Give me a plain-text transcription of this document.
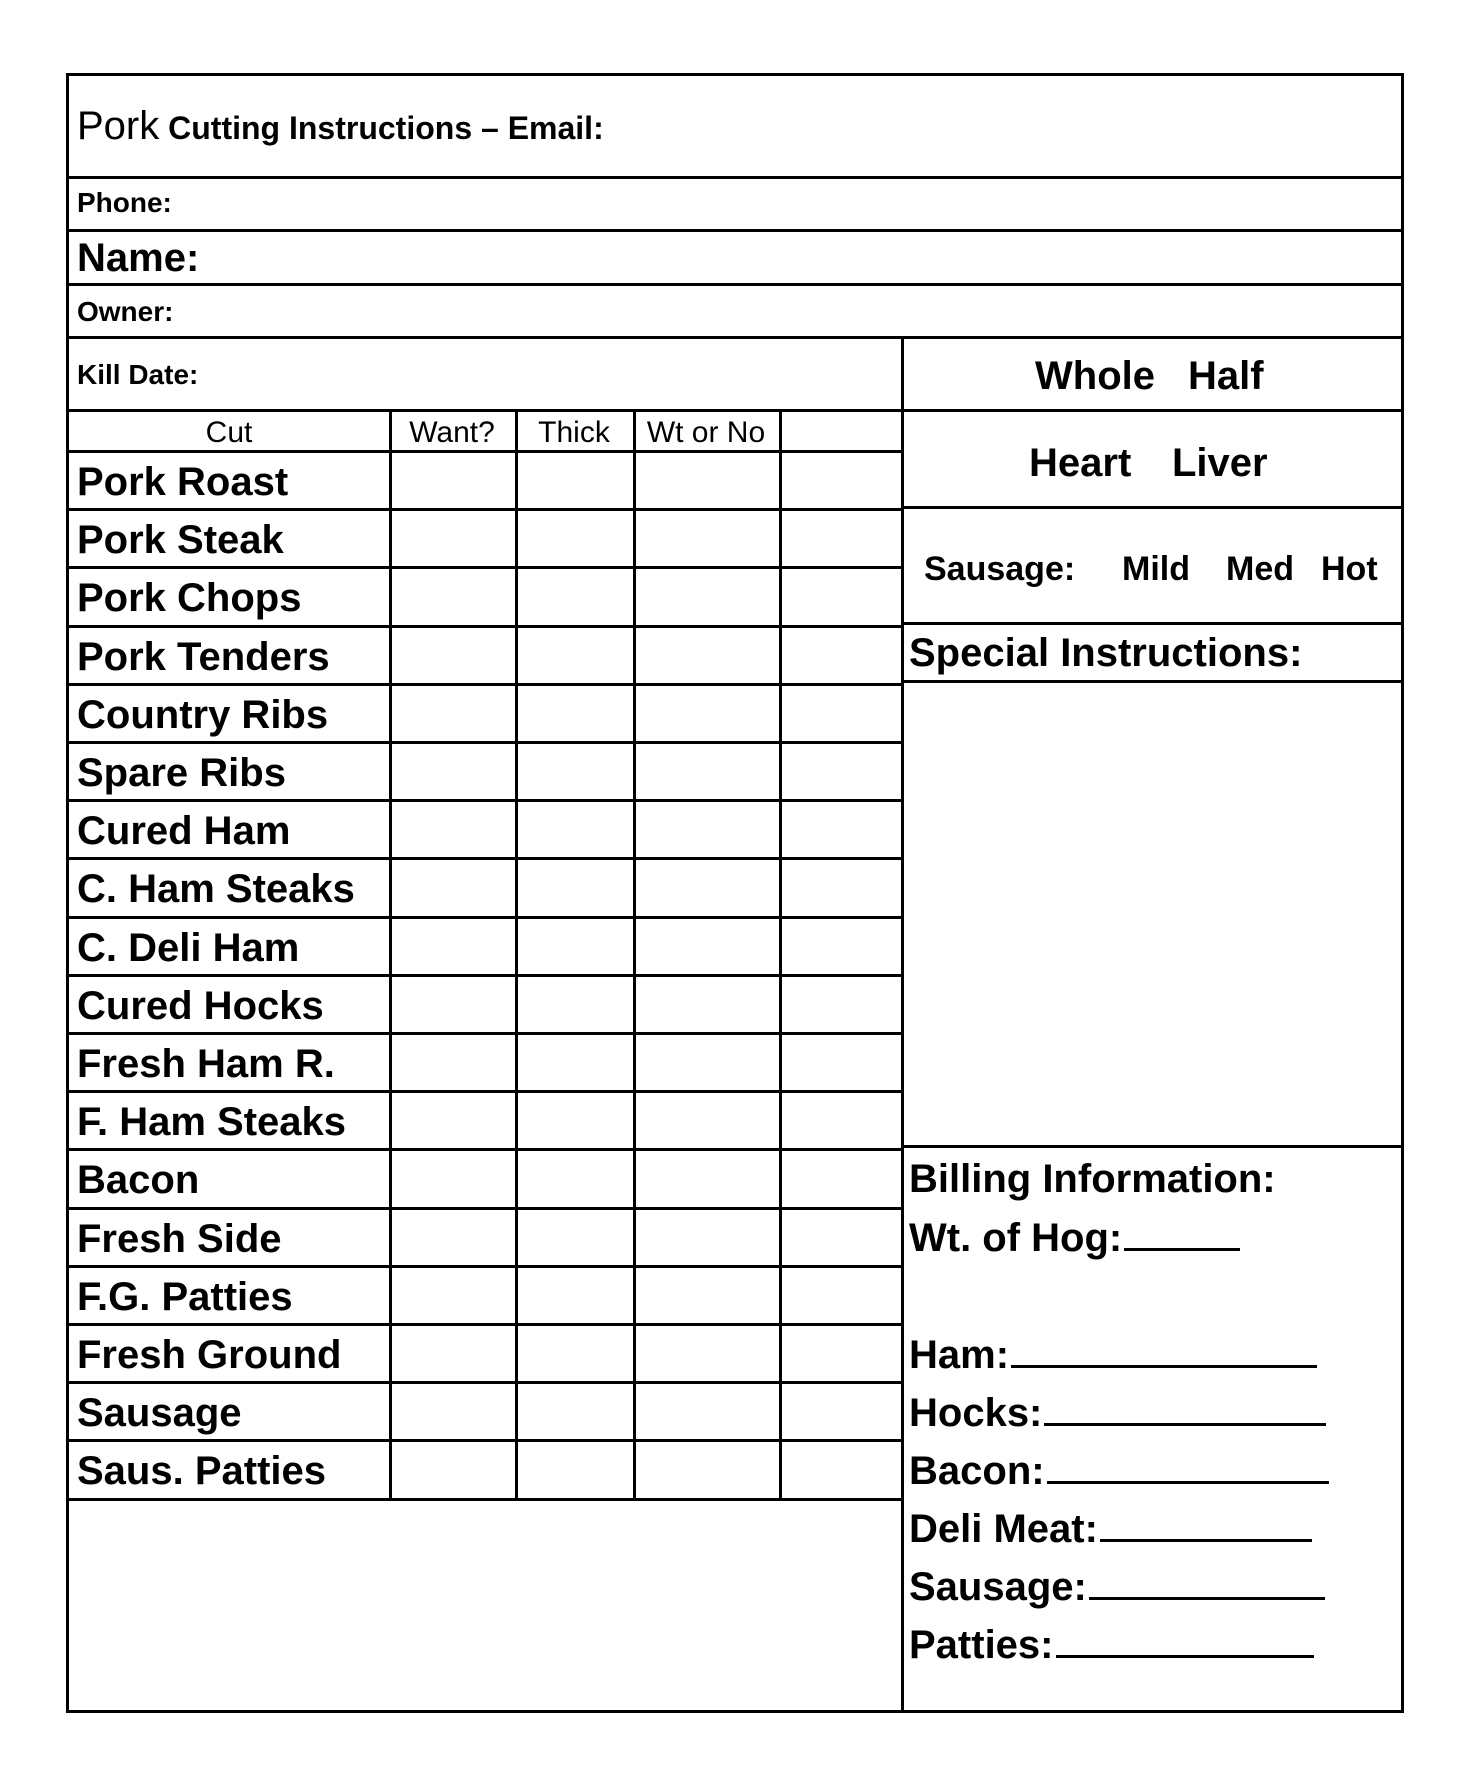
Pork Cutting Instructions – Email:
Phone:
Name:
Owner:
Kill Date:
Cut	Want?	Thick	Wt or No
Pork Roast
Pork Steak
Pork Chops
Pork Tenders
Country Ribs
Spare Ribs
Cured Ham
C. Ham Steaks
C. Deli Ham
Cured Hocks
Fresh Ham R.
F. Ham Steaks
Bacon
Fresh Side
F.G. Patties
Fresh Ground
Sausage
Saus. Patties
Whole Half
Heart Liver
Sausage: Mild Med Hot
Special Instructions:
Billing Information:
Wt. of Hog:
Ham:
Hocks:
Bacon:
Deli Meat:
Sausage:
Patties:
